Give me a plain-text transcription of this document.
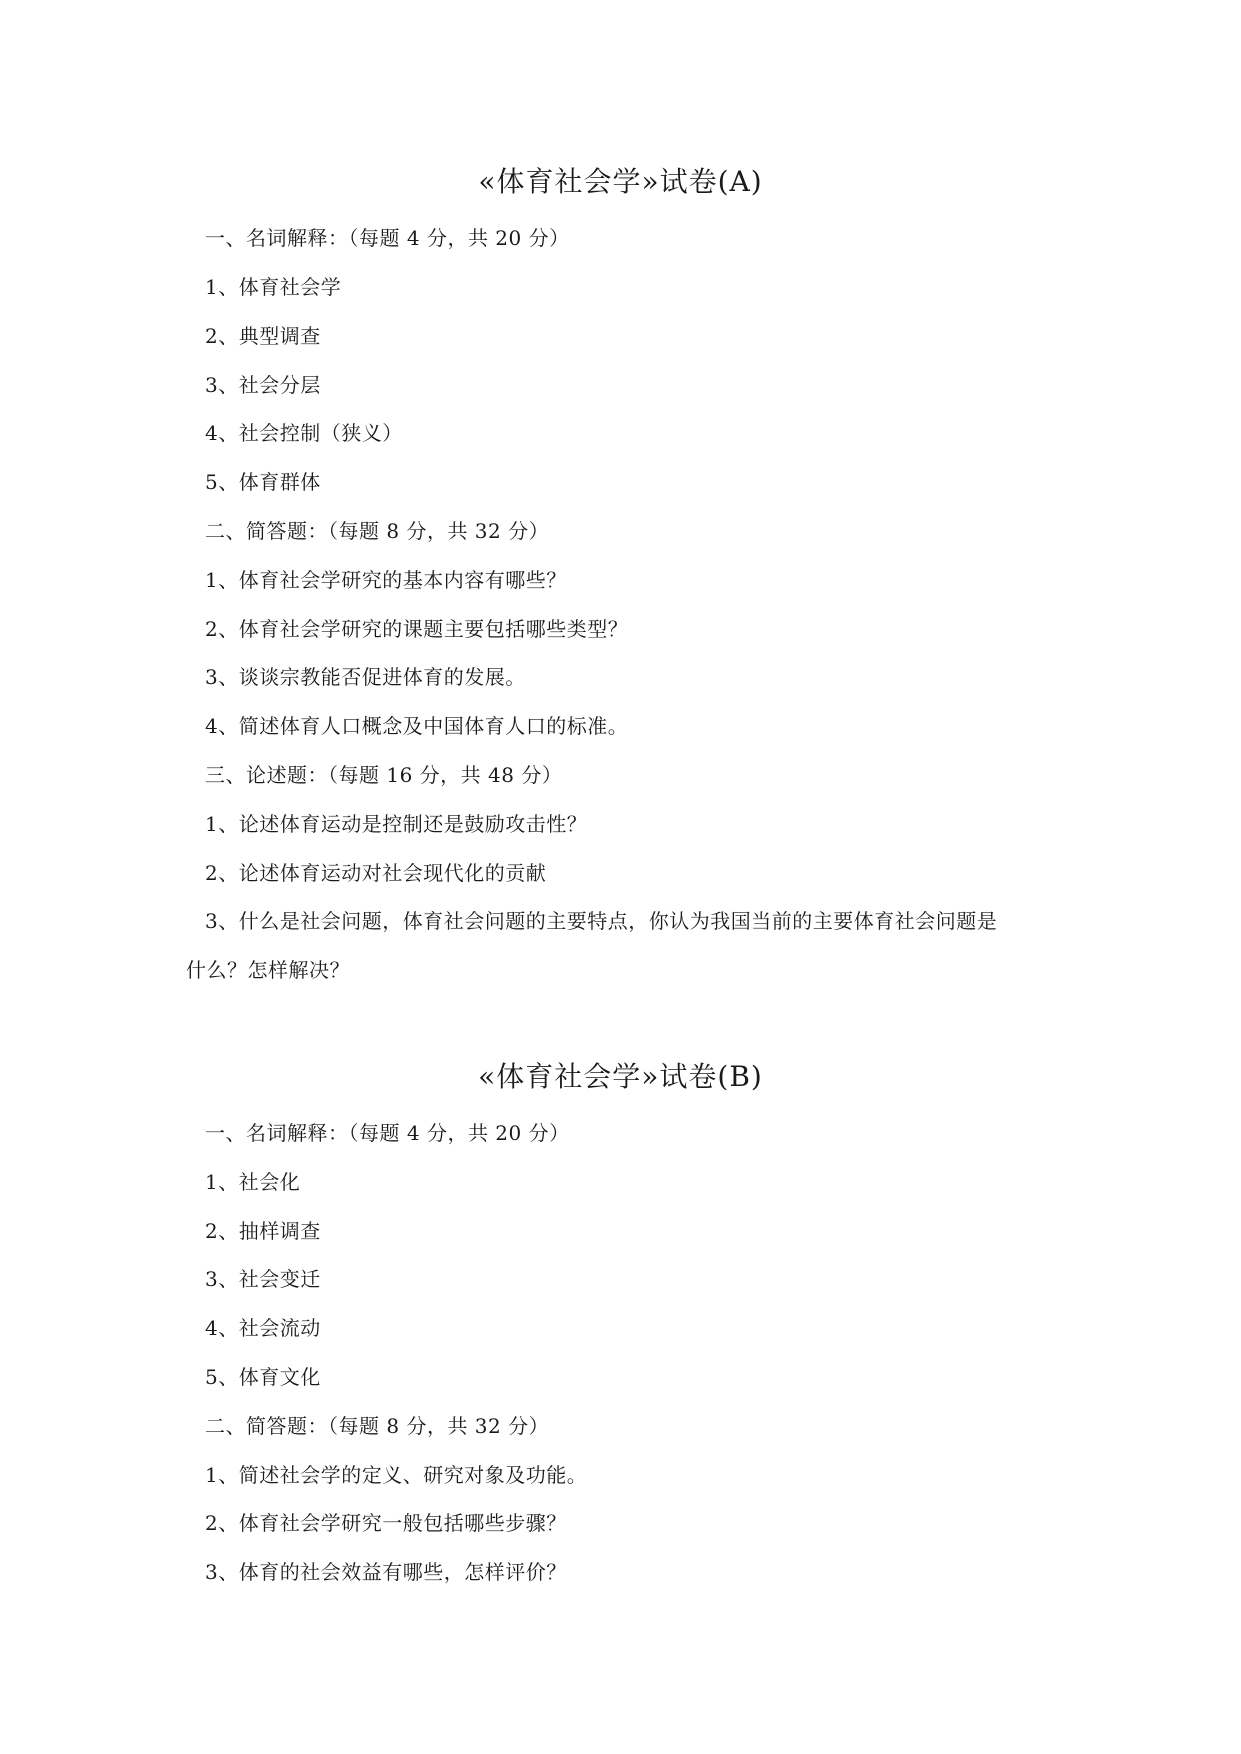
«体育社会学»试卷(A)
一、名词解释：（每题 4 分，共 20 分）
1、体育社会学
2、典型调查
3、社会分层
4、社会控制（狭义）
5、体育群体
二、简答题：（每题 8 分，共 32 分）
1、体育社会学研究的基本内容有哪些？
2、体育社会学研究的课题主要包括哪些类型？
3、谈谈宗教能否促进体育的发展。
4、简述体育人口概念及中国体育人口的标准。
三、论述题：（每题 16 分，共 48 分）
1、论述体育运动是控制还是鼓励攻击性？
2、论述体育运动对社会现代化的贡献
3、什么是社会问题，体育社会问题的主要特点，你认为我国当前的主要体育社会问题是
什么？怎样解决？
«体育社会学»试卷(B)
一、名词解释：（每题 4 分，共 20 分）
1、社会化
2、抽样调查
3、社会变迁
4、社会流动
5、体育文化
二、简答题：（每题 8 分，共 32 分）
1、简述社会学的定义、研究对象及功能。
2、体育社会学研究一般包括哪些步骤？
3、体育的社会效益有哪些，怎样评价？
